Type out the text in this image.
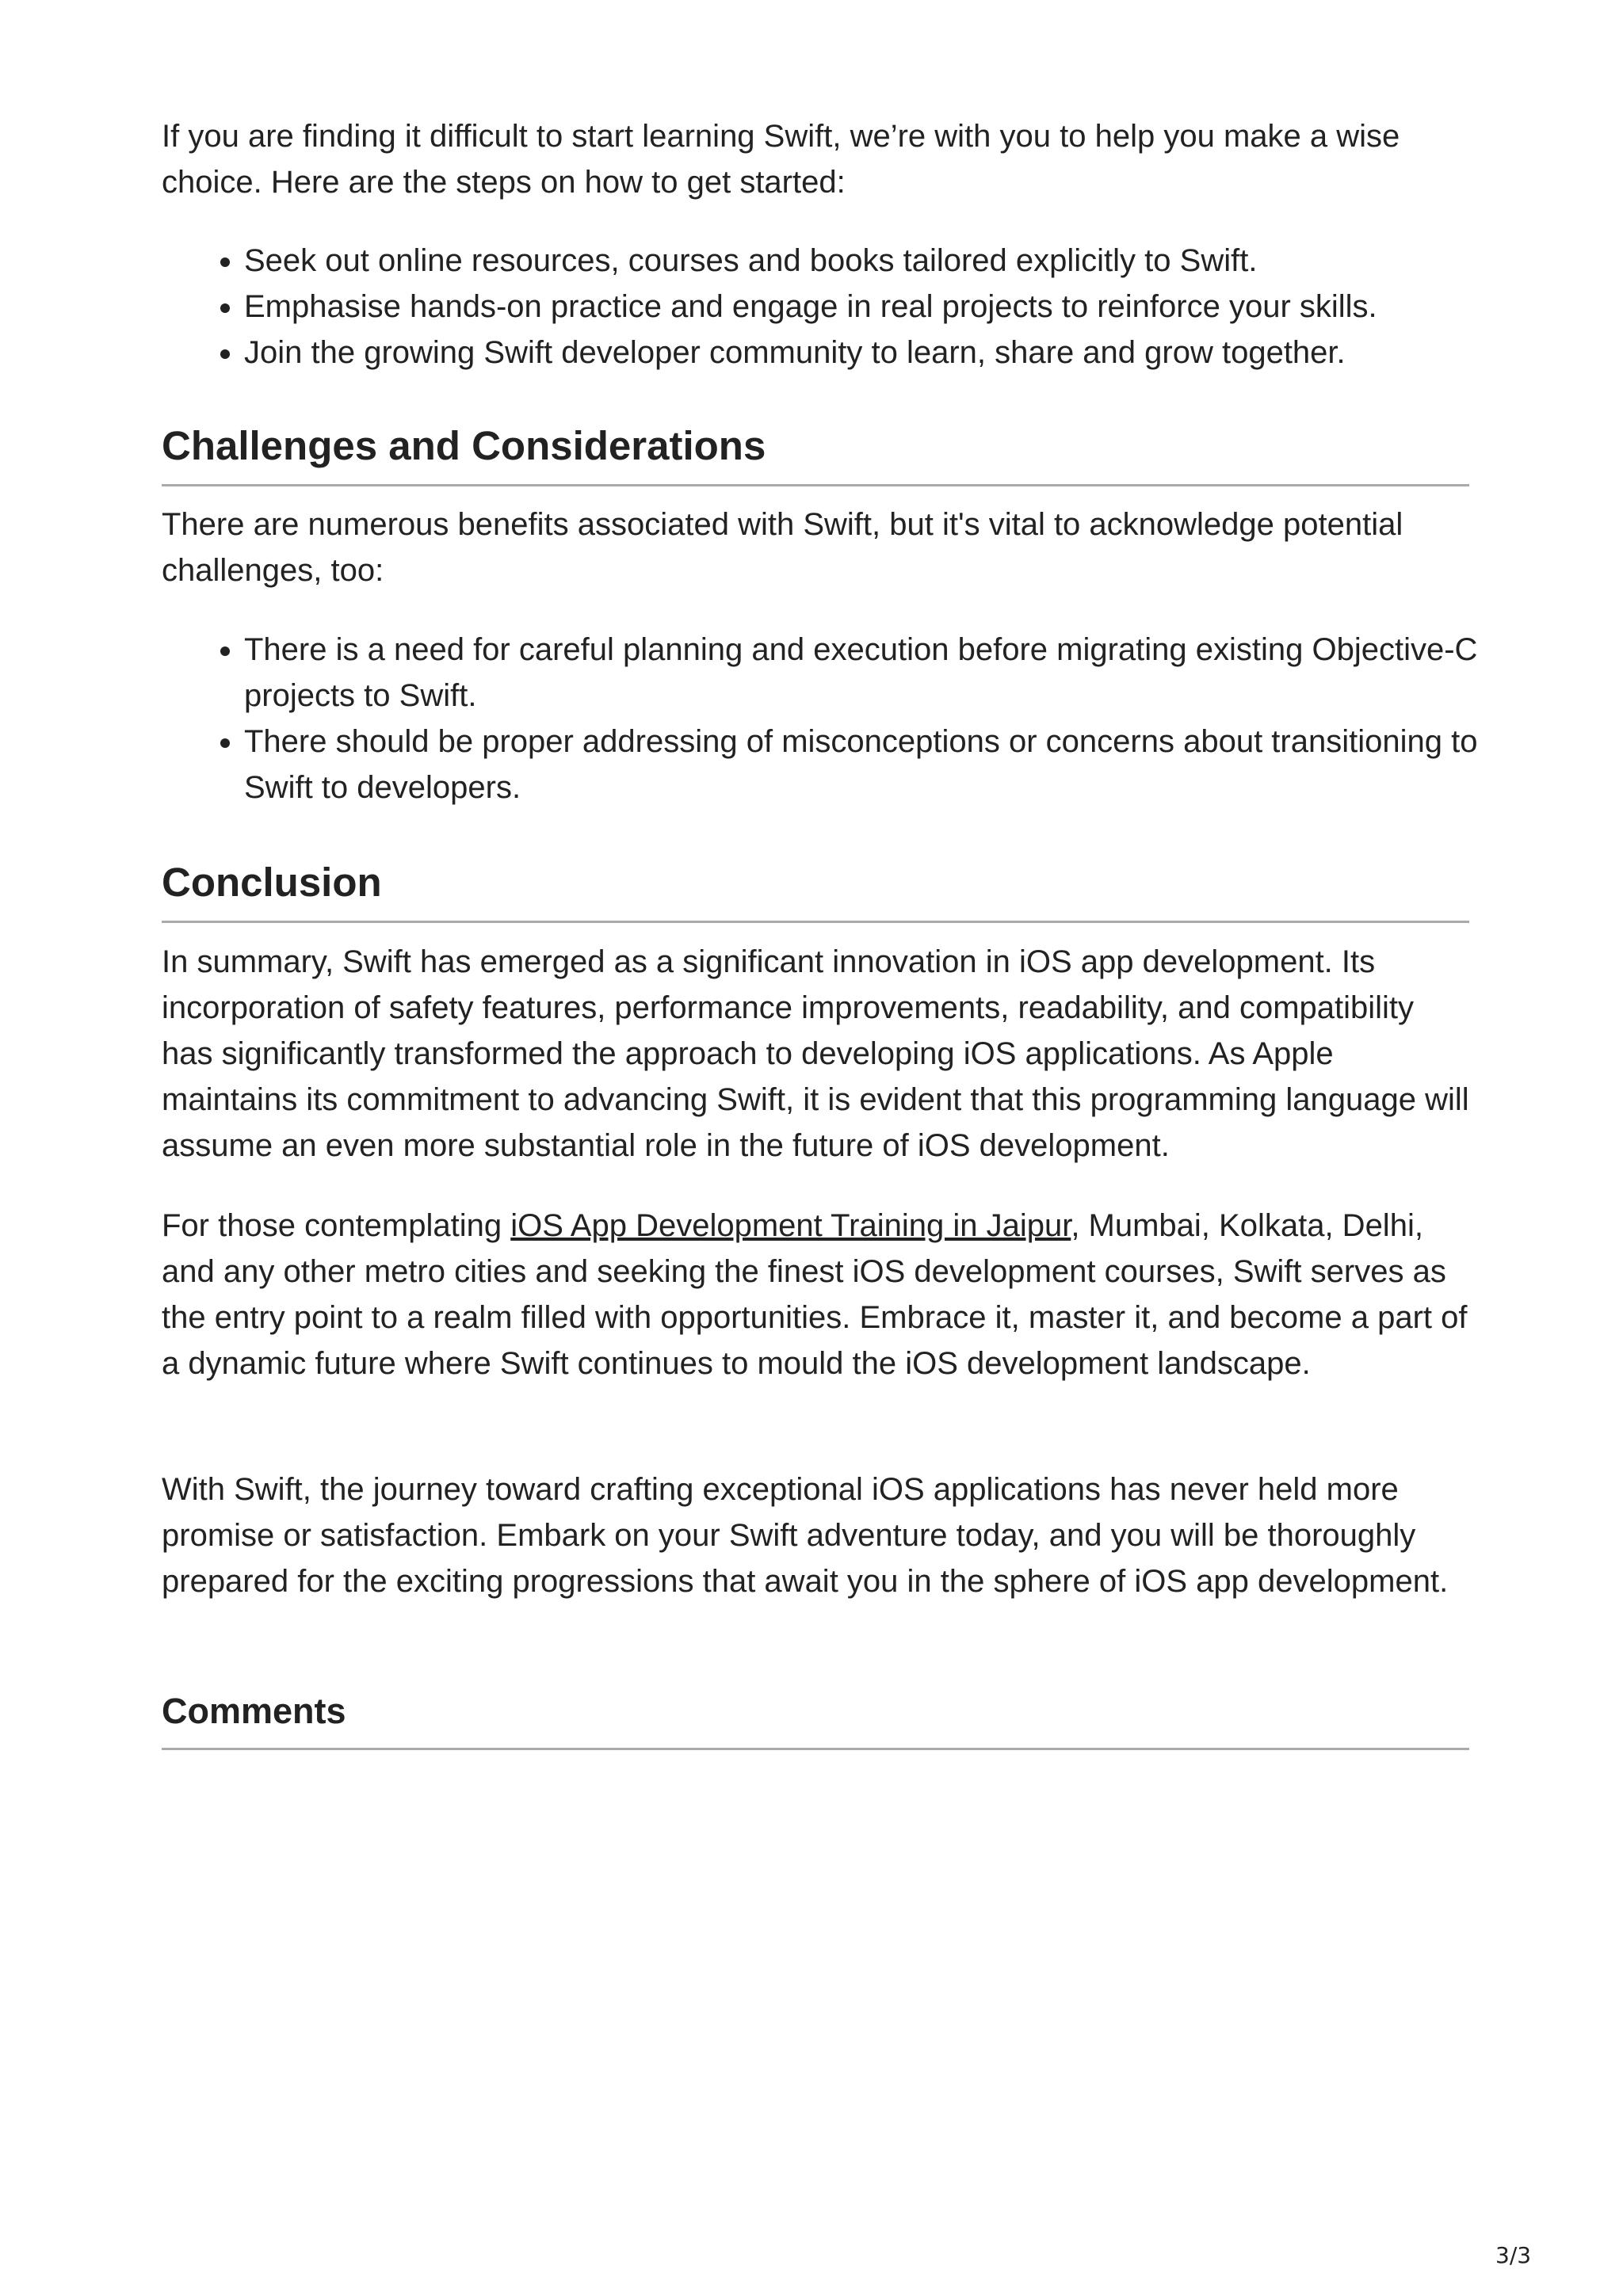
If you are finding it difficult to start learning Swift, we’re with you to help you make a wise choice. Here are the steps on how to get started:

• Seek out online resources, courses and books tailored explicitly to Swift.
• Emphasise hands-on practice and engage in real projects to reinforce your skills.
• Join the growing Swift developer community to learn, share and grow together.
Challenges and Considerations

There are numerous benefits associated with Swift, but it's vital to acknowledge potential challenges, too:

• There is a need for careful planning and execution before migrating existing Objective-C projects to Swift.
• There should be proper addressing of misconceptions or concerns about transitioning to Swift to developers.
Conclusion

In summary, Swift has emerged as a significant innovation in iOS app development. Its incorporation of safety features, performance improvements, readability, and compatibility has significantly transformed the approach to developing iOS applications. As Apple maintains its commitment to advancing Swift, it is evident that this programming language will assume an even more substantial role in the future of iOS development.

For those contemplating iOS App Development Training in Jaipur, Mumbai, Kolkata, Delhi, and any other metro cities and seeking the finest iOS development courses, Swift serves as the entry point to a realm filled with opportunities. Embrace it, master it, and become a part of a dynamic future where Swift continues to mould the iOS development landscape.

With Swift, the journey toward crafting exceptional iOS applications has never held more promise or satisfaction. Embark on your Swift adventure today, and you will be thoroughly prepared for the exciting progressions that await you in the sphere of iOS app development.

Comments
3/3
